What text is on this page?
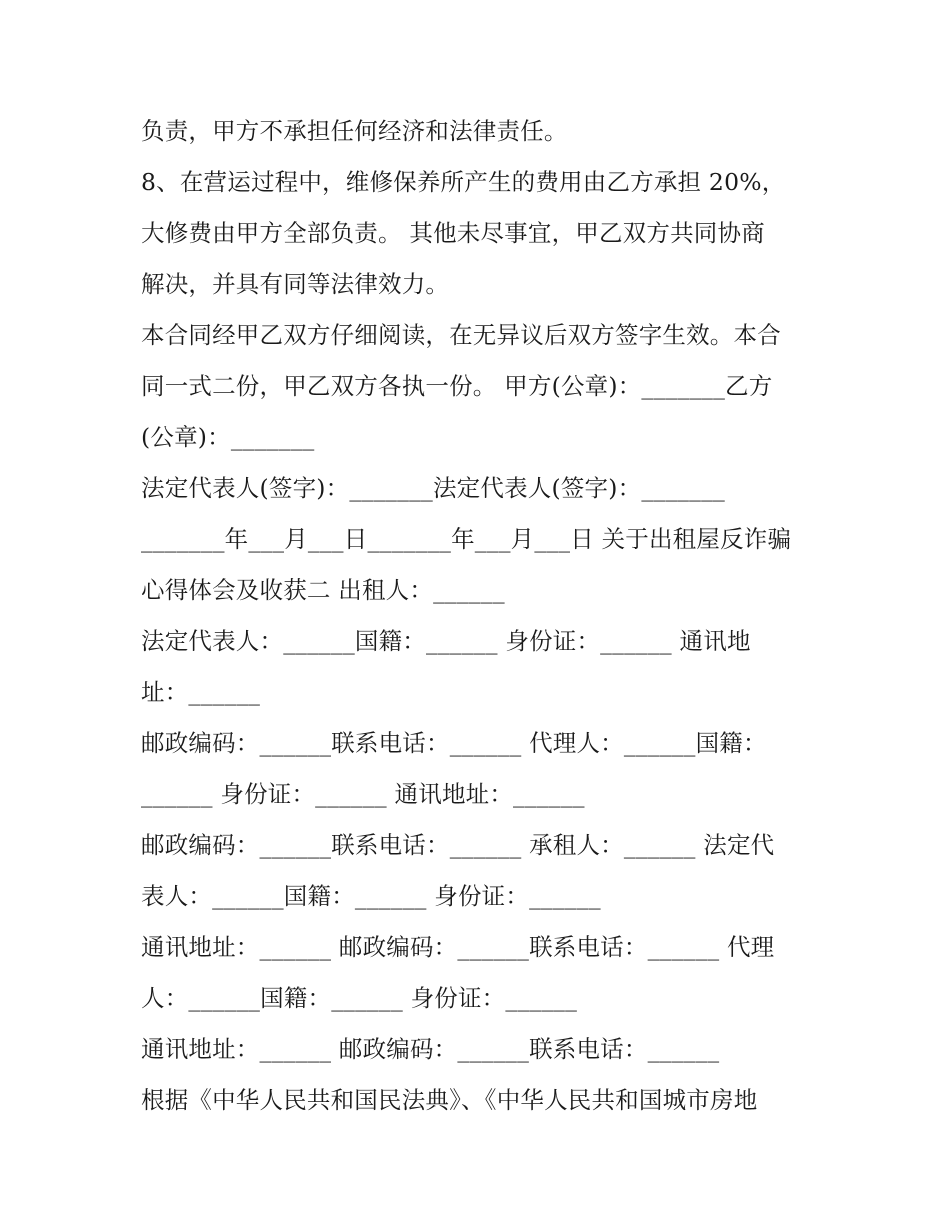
负责，甲方不承担任何经济和法律责任。
8、在营运过程中，维修保养所产生的费用由乙方承担 20%，
大修费由甲方全部负责。 其他未尽事宜，甲乙双方共同协商
解决，并具有同等法律效力。
本合同经甲乙双方仔细阅读，在无异议后双方签字生效。本合
同一式二份，甲乙双方各执一份。 甲方(公章)：_______乙方
(公章)：_______
法定代表人(签字)：_______法定代表人(签字)：_______
_______年___月___日_______年___月___日 关于出租屋反诈骗
心得体会及收获二 出租人：______
法定代表人：______国籍：______ 身份证：______ 通讯地
址：______
邮政编码：______联系电话：______ 代理人：______国籍：
______ 身份证：______ 通讯地址：______
邮政编码：______联系电话：______ 承租人：______ 法定代
表人：______国籍：______ 身份证：______
通讯地址：______ 邮政编码：______联系电话：______ 代理
人：______国籍：______ 身份证：______
通讯地址：______ 邮政编码：______联系电话：______
根据《中华人民共和国民法典》、《中华人民共和国城市房地
